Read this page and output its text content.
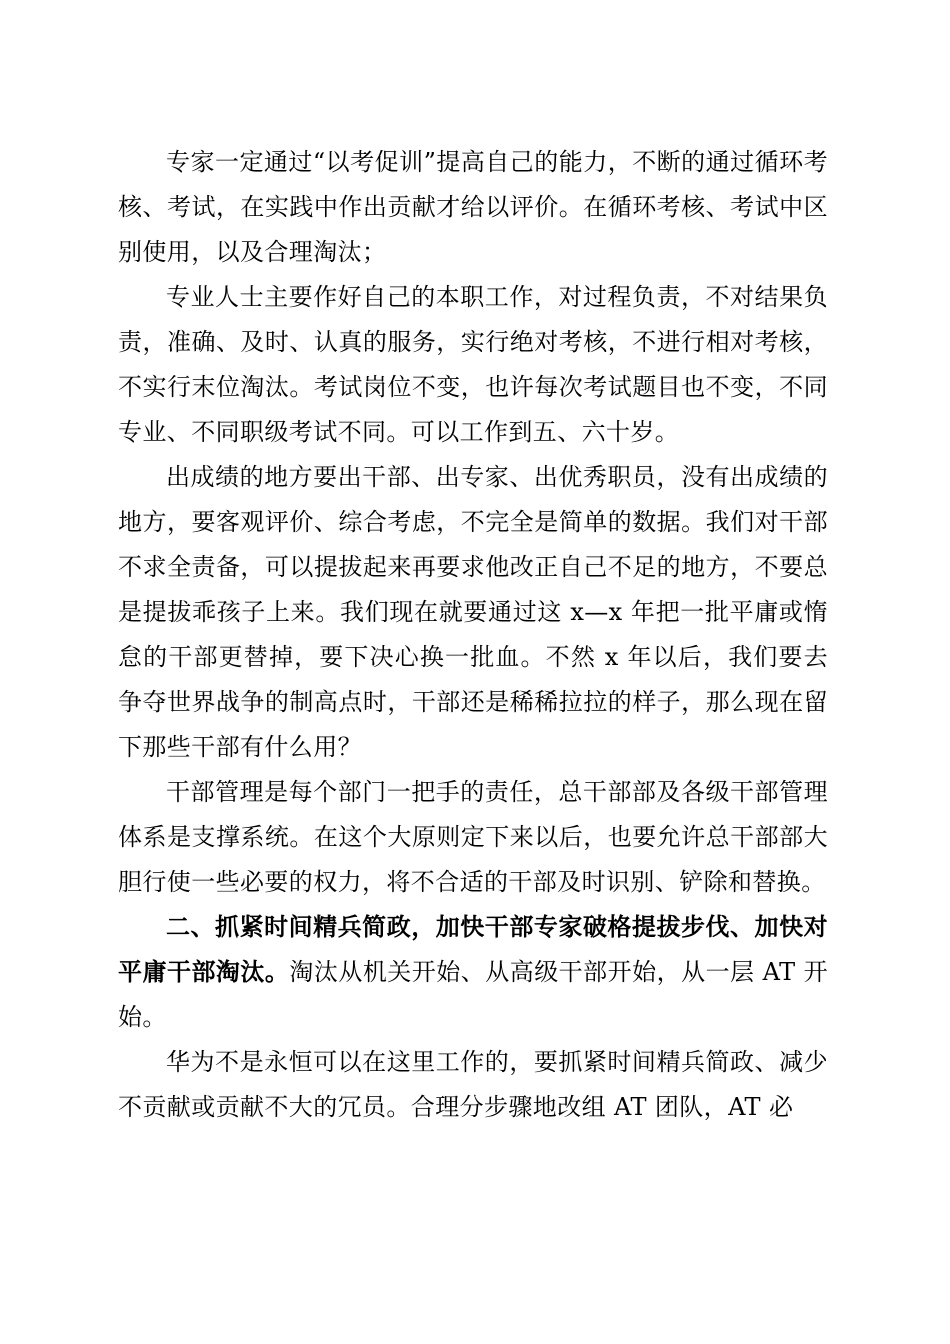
专家一定通过“以考促训”提高自己的能力，不断的通过循环考核、考试，在实践中作出贡献才给以评价。在循环考核、考试中区别使用，以及合理淘汰；

专业人士主要作好自己的本职工作，对过程负责，不对结果负责，准确、及时、认真的服务，实行绝对考核，不进行相对考核，不实行末位淘汰。考试岗位不变，也许每次考试题目也不变，不同专业、不同职级考试不同。可以工作到五、六十岁。

出成绩的地方要出干部、出专家、出优秀职员，没有出成绩的地方，要客观评价、综合考虑，不完全是简单的数据。我们对干部不求全责备，可以提拔起来再要求他改正自己不足的地方，不要总是提拔乖孩子上来。我们现在就要通过这 x—x 年把一批平庸或惰怠的干部更替掉，要下决心换一批血。不然 x 年以后，我们要去争夺世界战争的制高点时，干部还是稀稀拉拉的样子，那么现在留下那些干部有什么用？

干部管理是每个部门一把手的责任，总干部部及各级干部管理体系是支撑系统。在这个大原则定下来以后，也要允许总干部部大胆行使一些必要的权力，将不合适的干部及时识别、铲除和替换。

二、抓紧时间精兵简政，加快干部专家破格提拔步伐、加快对平庸干部淘汰。淘汰从机关开始、从高级干部开始，从一层 AT 开始。

华为不是永恒可以在这里工作的，要抓紧时间精兵简政、减少不贡献或贡献不大的冗员。合理分步骤地改组 AT 团队，AT 必
